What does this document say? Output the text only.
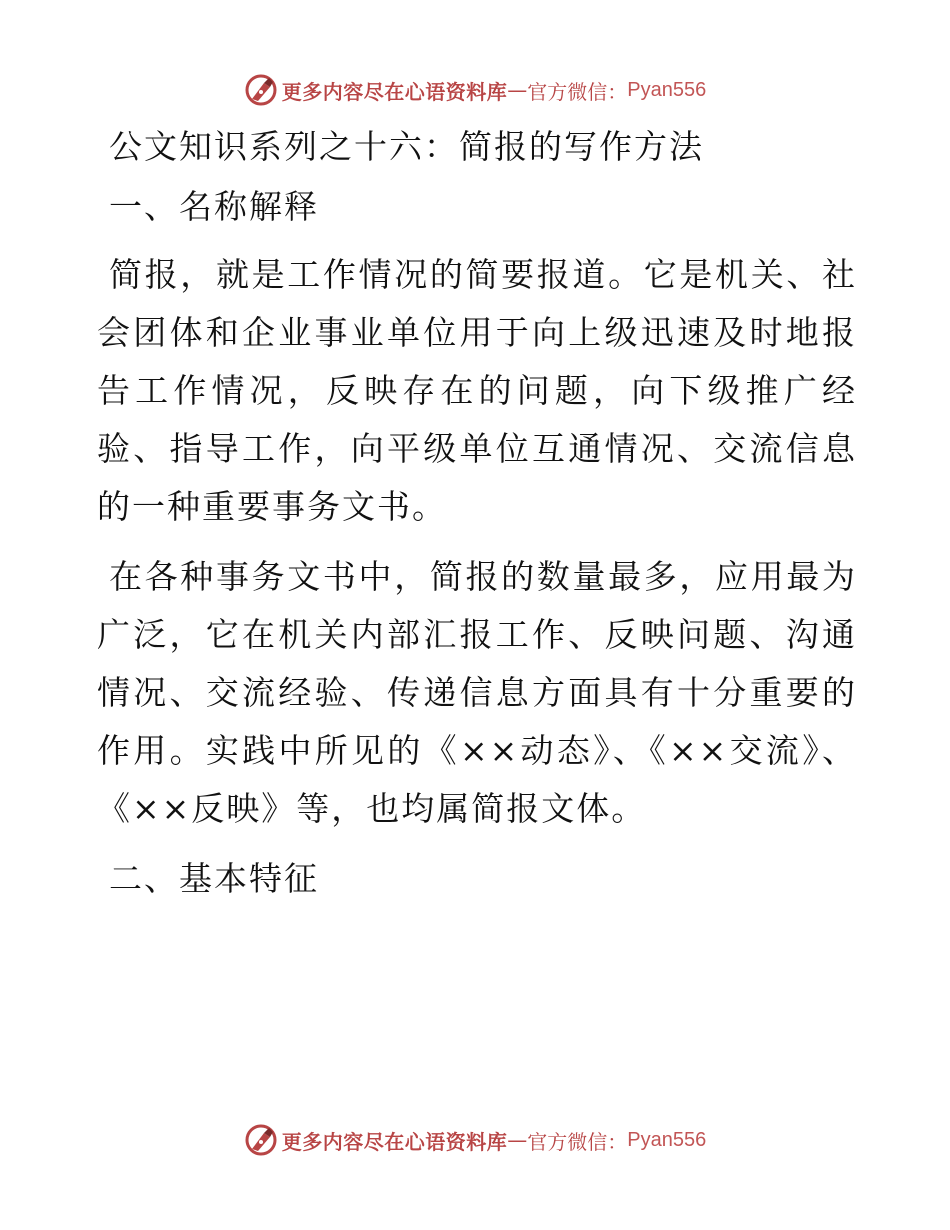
更多内容尽在心语资料库 — 官方微信： Pyan556
公文知识系列之十六：简报的写作方法
一、名称解释

简报，就是工作情况的简要报道。它是机关、社会团体和企业事业单位用于向上级迅速及时地报告工作情况，反映存在的问题，向下级推广经验、指导工作，向平级单位互通情况、交流信息的一种重要事务文书。

在各种事务文书中，简报的数量最多，应用最为广泛，它在机关内部汇报工作、反映问题、沟通情况、交流经验、传递信息方面具有十分重要的作用。实践中所见的《××动态》、《××交流》、《××反映》等，也均属简报文体。

二、基本特征
更多内容尽在心语资料库 — 官方微信： Pyan556
